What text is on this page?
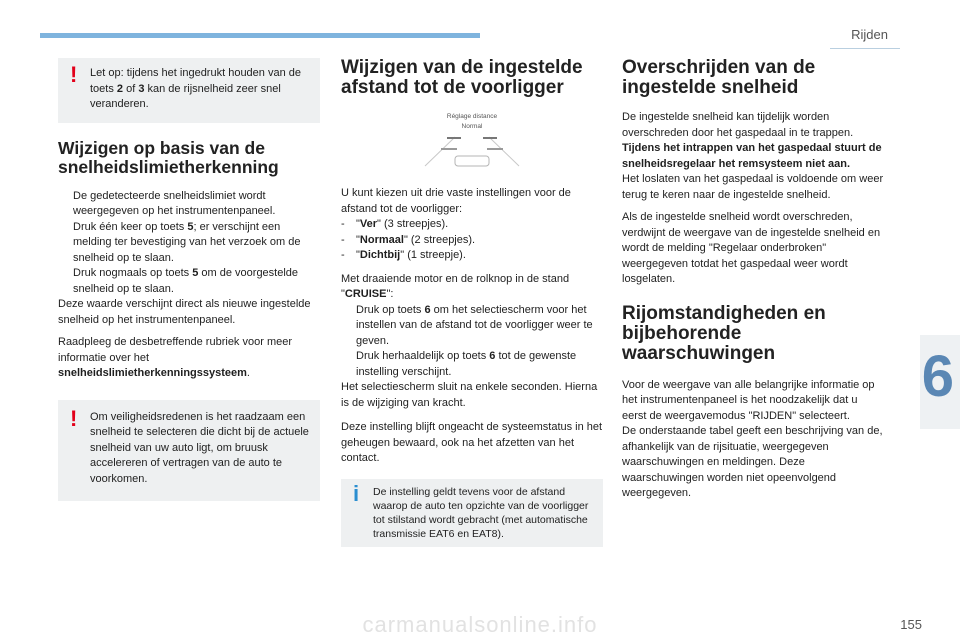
Rijden
6
155
carmanualsonline.info
! Let op: tijdens het ingedrukt houden van de toets 2 of 3 kan de rijsnelheid zeer snel veranderen.
Wijzigen op basis van de snelheidslimietherkenning
De gedetecteerde snelheidslimiet wordt weergegeven op het instrumentenpaneel.
Druk één keer op toets 5; er verschijnt een melding ter bevestiging van het verzoek om de snelheid op te slaan.
Druk nogmaals op toets 5 om de voorgestelde snelheid op te slaan.

Deze waarde verschijnt direct als nieuwe ingestelde snelheid op het instrumentenpaneel.

Raadpleeg de desbetreffende rubriek voor meer informatie over het snelheidslimietherkenningssysteem.

! Om veiligheidsredenen is het raadzaam een snelheid te selecteren die dicht bij de actuele snelheid van uw auto ligt, om bruusk accelereren of vertragen van de auto te voorkomen.
Wijzigen van de ingestelde afstand tot de voorligger
Réglage distance
Normal

U kunt kiezen uit drie vaste instellingen voor de afstand tot de voorligger:

- "Ver" (3 streepjes).
- "Normaal" (2 streepjes).
- "Dichtbij" (1 streepje).
Met draaiende motor en de rolknop in de stand "CRUISE":
Druk op toets 6 om het selectiescherm voor het instellen van de afstand tot de voorligger weer te geven.
Druk herhaaldelijk op toets 6 tot de gewenste instelling verschijnt.

Het selectiescherm sluit na enkele seconden. Hierna is de wijziging van kracht.

Deze instelling blijft ongeacht de systeemstatus in het geheugen bewaard, ook na het afzetten van het contact.

i De instelling geldt tevens voor de afstand waarop de auto ten opzichte van de voorligger tot stilstand wordt gebracht (met automatische transmissie EAT6 en EAT8).
Overschrijden van de ingestelde snelheid
De ingestelde snelheid kan tijdelijk worden overschreden door het gaspedaal in te trappen.
Tijdens het intrappen van het gaspedaal stuurt de snelheidsregelaar het remsysteem niet aan.

Het loslaten van het gaspedaal is voldoende om weer terug te keren naar de ingestelde snelheid.

Als de ingestelde snelheid wordt overschreden, verdwijnt de weergave van de ingestelde snelheid en wordt de melding "Regelaar onderbroken" weergegeven totdat het gaspedaal weer wordt losgelaten.

Rijomstandigheden en bijbehorende waarschuwingen
Voor de weergave van alle belangrijke informatie op het instrumentenpaneel is het noodzakelijk dat u eerst de weergavemodus "RIJDEN" selecteert.
De onderstaande tabel geeft een beschrijving van de, afhankelijk van de rijsituatie, weergegeven waarschuwingen en meldingen. Deze waarschuwingen worden niet opeenvolgend weergegeven.
